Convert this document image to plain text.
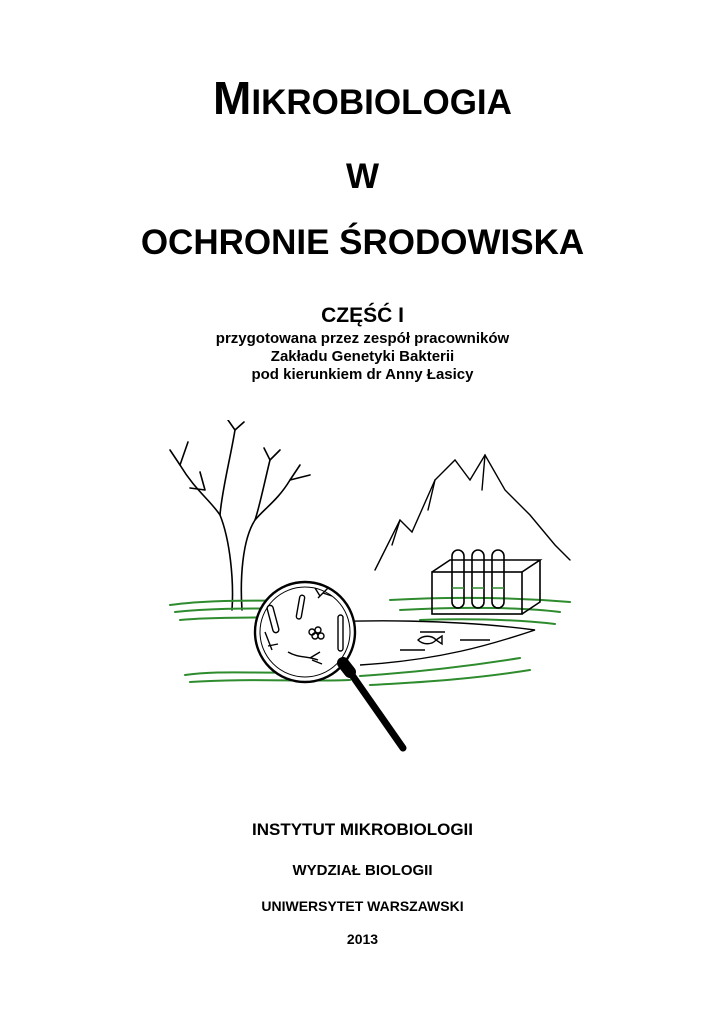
MIKROBIOLOGIA
W
OCHRONIE ŚRODOWISKA
CZĘŚĆ I
przygotowana przez zespół pracowników
Zakładu Genetyki Bakterii
pod kierunkiem dr Anny Łasicy
INSTYTUT MIKROBIOLOGII
WYDZIAŁ BIOLOGII
UNIWERSYTET WARSZAWSKI
2013
